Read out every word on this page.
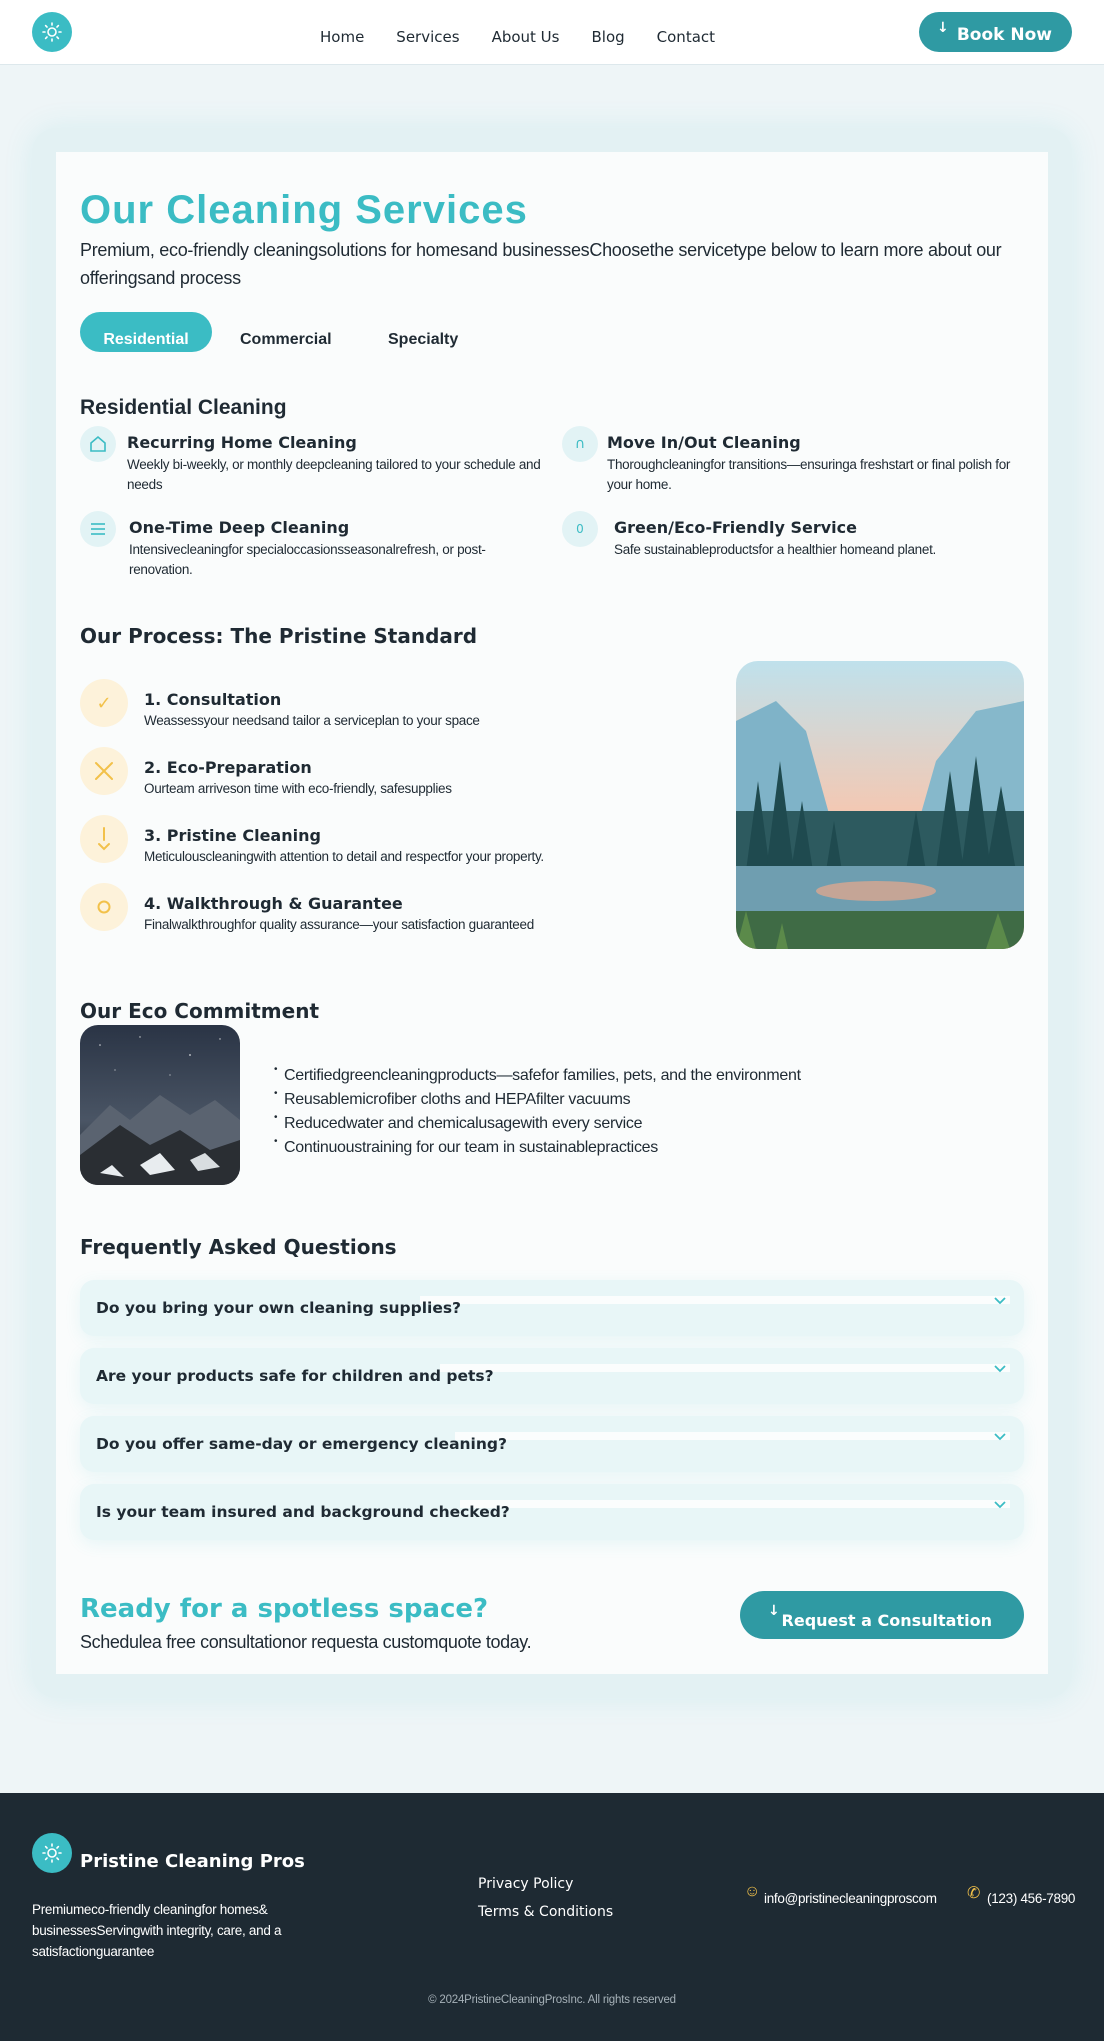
Home Services About Us Blog Contact	↓ Book Now
Our Cleaning Services

Premium, eco-friendly cleaningsolutions for homesand businessesChoosethe servicetype below to learn more about our offeringsand process

Residential	Commercial	Specialty
Residential Cleaning
Recurring Home Cleaning
Weekly bi-weekly, or monthly deepcleaning tailored to your schedule and needs
∩ Move In/Out Cleaning
Thoroughcleaningfor transitions—ensuringa freshstart or final polish for your home.
One-Time Deep Cleaning
Intensivecleaningfor specialoccasionsseasonalrefresh, or post-renovation.
0 Green/Eco-Friendly Service
Safe sustainableproductsfor a healthier homeand planet.
Our Process: The Pristine Standard
✓ 1. Consultation
Weassessyour needsand tailor a serviceplan to your space
2. Eco-Preparation
Ourteam arriveson time with eco-friendly, safesupplies
3. Pristine Cleaning
Meticulouscleaningwith attention to detail and respectfor your property.
4. Walkthrough & Guarantee
Finalwalkthroughfor quality assurance—your satisfaction guaranteed
Our Eco Commitment
• Certifiedgreencleaningproducts—safefor families, pets, and the environment
• Reusablemicrofiber cloths and HEPAfilter vacuums
• Reducedwater and chemicalusagewith every service
• Continuoustraining for our team in sustainablepractices
Frequently Asked Questions
Do you bring your own cleaning supplies?
Are your products safe for children and pets?
Do you offer same-day or emergency cleaning?
Is your team insured and background checked?
Ready for a spotless space?

Schedulea free consultationor requesta customquote today.

↓ Request a Consultation
Pristine Cleaning Pros

Premiumeco-friendly cleaningfor homes& businessesServingwith integrity, care, and a satisfactionguarantee

Privacy Policy
Terms & Conditions
☺ info@pristinecleaningproscom ✆ (123) 456-7890
© 2024PristineCleaningProsInc. All rights reserved
